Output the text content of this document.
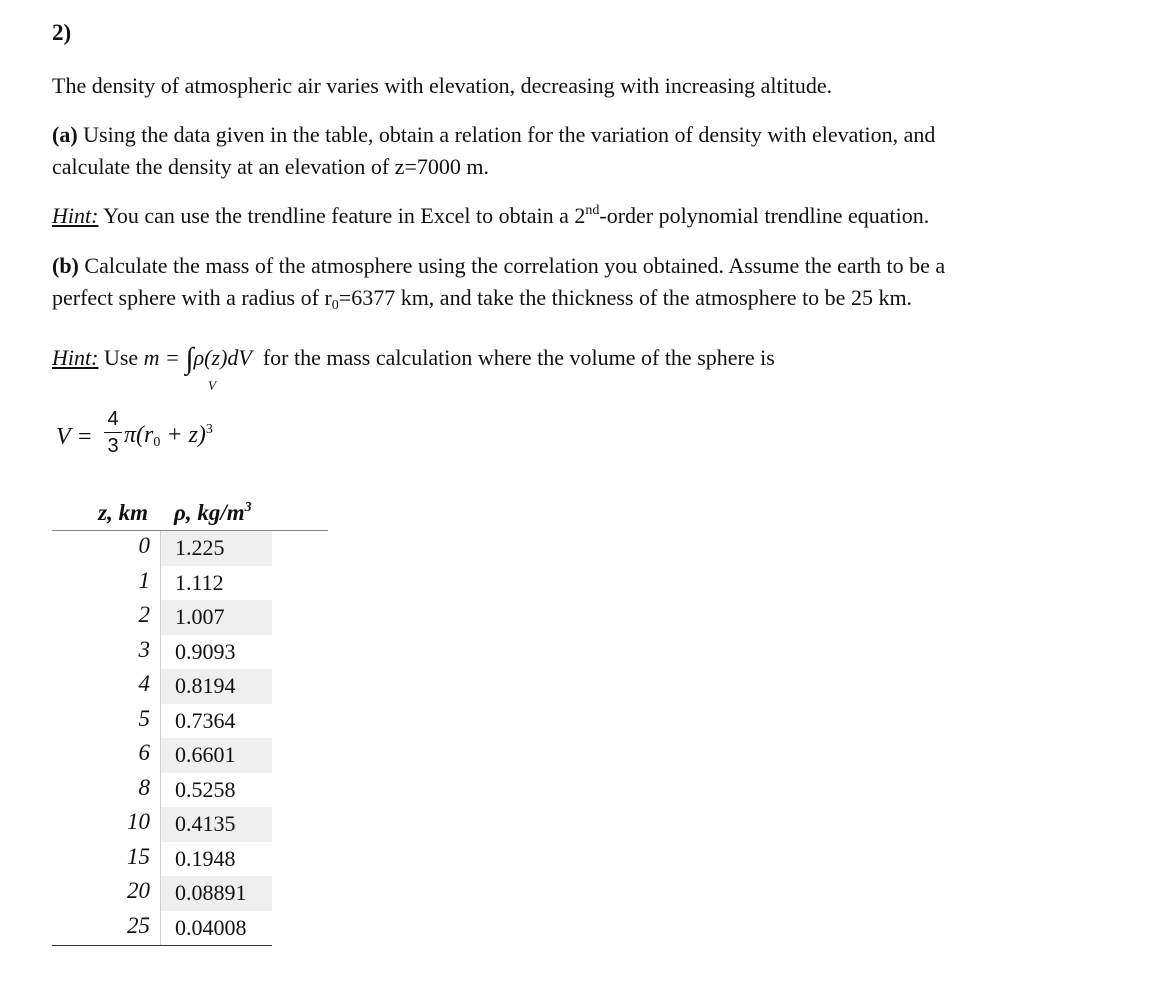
2)

The density of atmospheric air varies with elevation, decreasing with increasing altitude.

(a) Using the data given in the table, obtain a relation for the variation of density with elevation, and

calculate the density at an elevation of z=7000 m.

Hint: You can use the trendline feature in Excel to obtain a 2nd-order polynomial trendline equation.

(b) Calculate the mass of the atmosphere using the correlation you obtained. Assume the earth to be a

perfect sphere with a radius of $r_0=6377$ km, and take the thickness of the atmosphere to be 25 km.

Hint: Use m = ∫ρ(z)dV for the mass calculation where the volume of the sphere is

V
V =
4
3 $\pi(r_0 + z)^3$
z, km ρ, $kg/m^3$
0	1.225
1	1.112
2	1.007
3	0.9093
4	0.8194
5	0.7364
6	0.6601
8	0.5258
10	0.4135
15	0.1948
20	0.08891
25	0.04008
